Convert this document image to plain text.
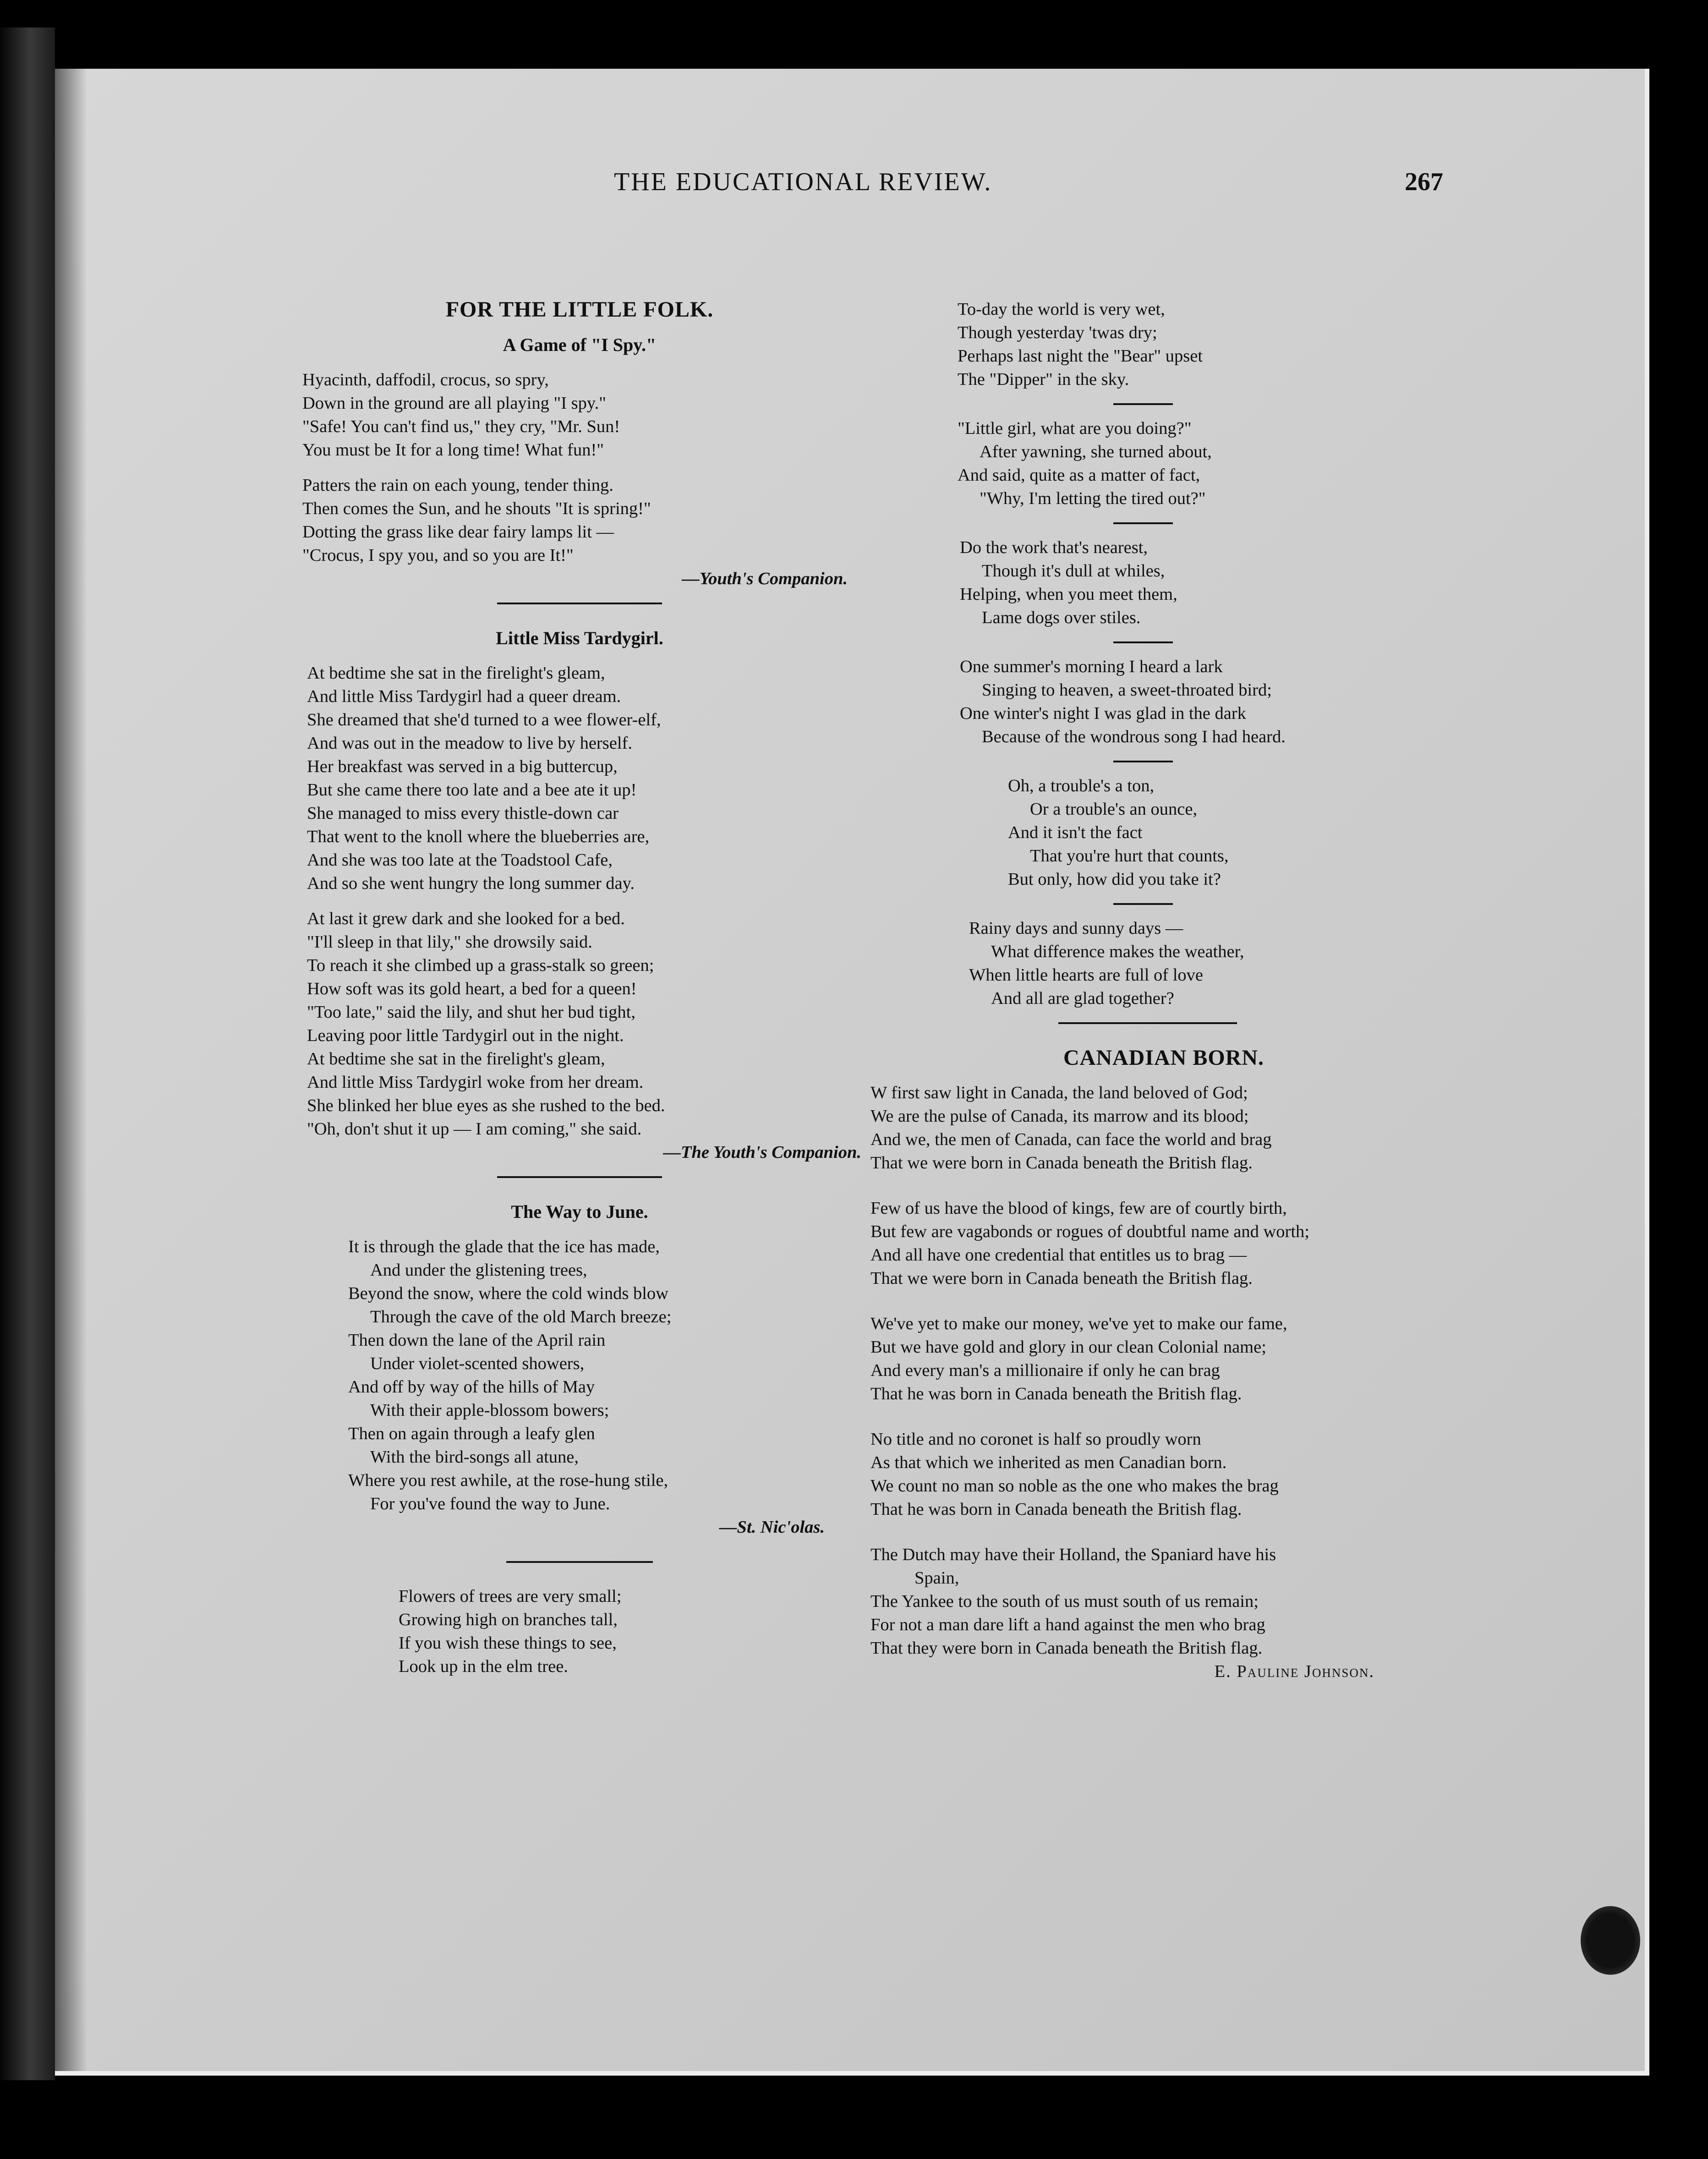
THE EDUCATIONAL REVIEW.	267
FOR THE LITTLE FOLK.
A Game of "I Spy."
Hyacinth, daffodil, crocus, so spry,
Down in the ground are all playing "I spy."
"Safe! You can't find us," they cry, "Mr. Sun!
You must be It for a long time! What fun!"
Patters the rain on each young, tender thing.
Then comes the Sun, and he shouts "It is spring!"
Dotting the grass like dear fairy lamps lit —
"Crocus, I spy you, and so you are It!"
—Youth's Companion.
Little Miss Tardygirl.
At bedtime she sat in the firelight's gleam,
And little Miss Tardygirl had a queer dream.
She dreamed that she'd turned to a wee flower-elf,
And was out in the meadow to live by herself.
Her breakfast was served in a big buttercup,
But she came there too late and a bee ate it up!
She managed to miss every thistle-down car
That went to the knoll where the blueberries are,
And she was too late at the Toadstool Cafe,
And so she went hungry the long summer day.
At last it grew dark and she looked for a bed.
"I'll sleep in that lily," she drowsily said.
To reach it she climbed up a grass-stalk so green;
How soft was its gold heart, a bed for a queen!
"Too late," said the lily, and shut her bud tight,
Leaving poor little Tardygirl out in the night.
At bedtime she sat in the firelight's gleam,
And little Miss Tardygirl woke from her dream.
She blinked her blue eyes as she rushed to the bed.
"Oh, don't shut it up — I am coming," she said.
—The Youth's Companion.
The Way to June.
It is through the glade that the ice has made,
And under the glistening trees,
Beyond the snow, where the cold winds blow
Through the cave of the old March breeze;
Then down the lane of the April rain
Under violet-scented showers,
And off by way of the hills of May
With their apple-blossom bowers;
Then on again through a leafy glen
With the bird-songs all atune,
Where you rest awhile, at the rose-hung stile,
For you've found the way to June.
—St. Nic'olas.
Flowers of trees are very small;
Growing high on branches tall,
If you wish these things to see,
Look up in the elm tree.
To-day the world is very wet,
Though yesterday 'twas dry;
Perhaps last night the "Bear" upset
The "Dipper" in the sky.
"Little girl, what are you doing?"
After yawning, she turned about,
And said, quite as a matter of fact,
"Why, I'm letting the tired out?"
Do the work that's nearest,
Though it's dull at whiles,
Helping, when you meet them,
Lame dogs over stiles.
One summer's morning I heard a lark
Singing to heaven, a sweet-throated bird;
One winter's night I was glad in the dark
Because of the wondrous song I had heard.
Oh, a trouble's a ton,
Or a trouble's an ounce,
And it isn't the fact
That you're hurt that counts,
But only, how did you take it?
Rainy days and sunny days —
What difference makes the weather,
When little hearts are full of love
And all are glad together?
CANADIAN BORN.
W first saw light in Canada, the land beloved of God;
We are the pulse of Canada, its marrow and its blood;
And we, the men of Canada, can face the world and brag
That we were born in Canada beneath the British flag.
Few of us have the blood of kings, few are of courtly birth,
But few are vagabonds or rogues of doubtful name and worth;
And all have one credential that entitles us to brag —
That we were born in Canada beneath the British flag.
We've yet to make our money, we've yet to make our fame,
But we have gold and glory in our clean Colonial name;
And every man's a millionaire if only he can brag
That he was born in Canada beneath the British flag.
No title and no coronet is half so proudly worn
As that which we inherited as men Canadian born.
We count no man so noble as the one who makes the brag
That he was born in Canada beneath the British flag.
The Dutch may have their Holland, the Spaniard have his
Spain,
The Yankee to the south of us must south of us remain;
For not a man dare lift a hand against the men who brag
That they were born in Canada beneath the British flag.
E. Pauline Johnson.
